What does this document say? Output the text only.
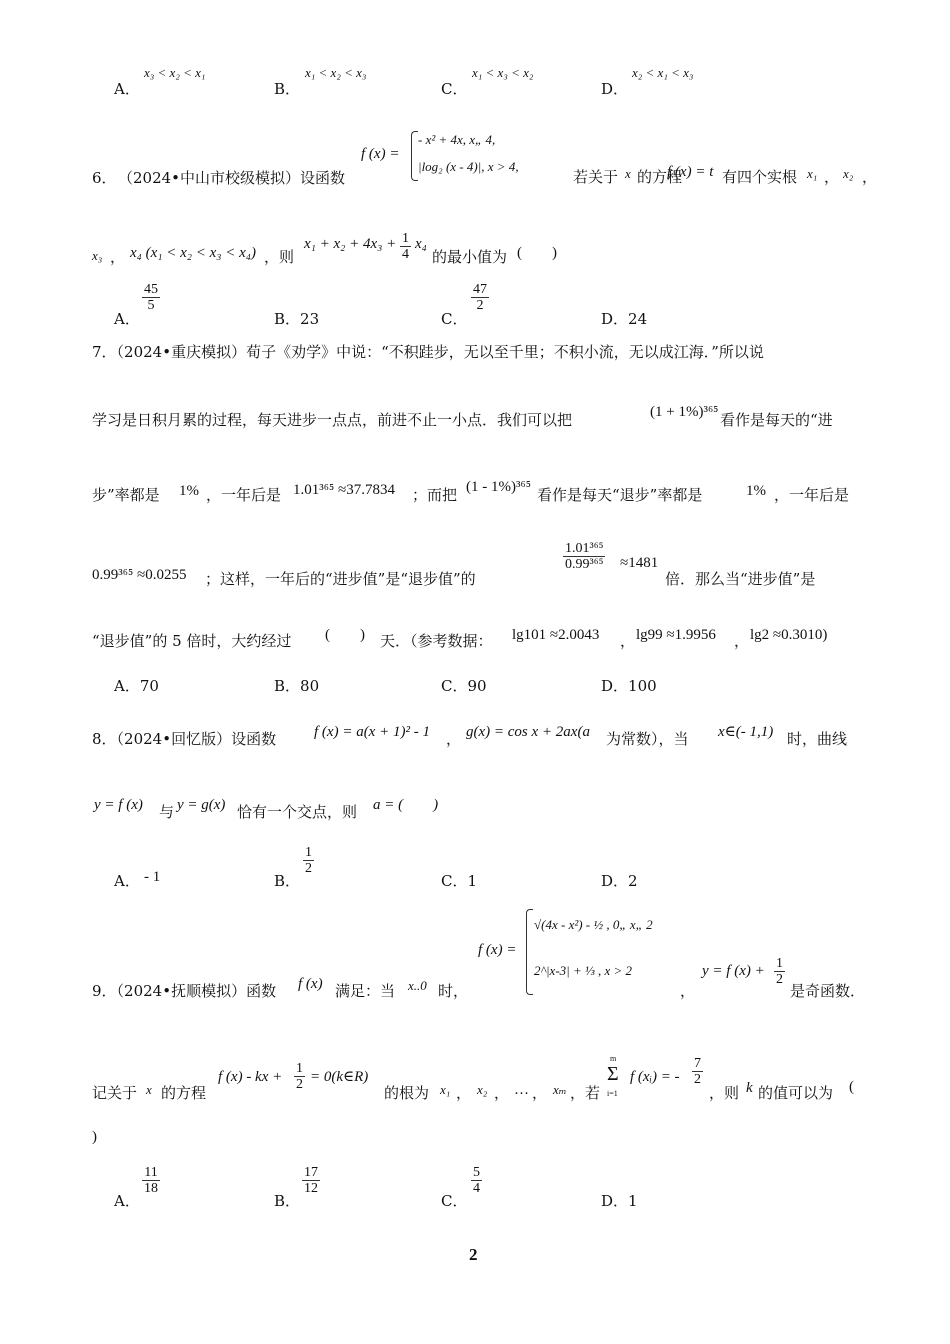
A．
x₃ < x₂ < x₁
B．
x₁ < x₂ < x₃
C．
x₁ < x₃ < x₂
D．
x₂ < x₁ < x₃
6． （2024•中山市校级模拟）设函数
f (x) =
- x² + 4x, x„ 4,
|log₂ (x - 4)|, x > 4,
若关于 x 的方程
f (x) = t 有四个实根 x₁ ， x₂ ，
x₃ ， x₄ (x₁ < x₂ < x₃ < x₄) ，则
$x_1 + x_2 + 4x_3 + \frac{1}{4} x_4$
的最小值为 (　　)
A．
$\frac{45}{5}$
B．23	C．
$\frac{47}{2}$
D．24
7．（2024•重庆模拟）荀子《劝学》中说：“不积跬步，无以至千里；不积小流，无以成江海．”所以说
学习是日积月累的过程，每天进步一点点，前进不止一小点．我们可以把	(1 + 1%)³⁶⁵ 看作是每天的“进
步”率都是 1% ，一年后是 1.01³⁶⁵ ≈37.7834 ；而把 (1 - 1%)³⁶⁵ 看作是每天“退步”率都是	1% ，一年后是
0.99³⁶⁵ ≈0.0255 ；这样，一年后的“进步值”是“退步值”的
$\frac{\text{1.01³⁶⁵}}{\text{0.99³⁶⁵}} \approx 1481$
倍．那么当“进步值”是
“退步值”的 5 倍时，大约经过 (　　) 天．（参考数据： lg101 ≈2.0043 ， lg99 ≈1.9956 ， lg2 ≈0.3010)
A．70	B．80	C．90	D．100
8．（2024•回忆版）设函数	f (x) = a(x + 1)² - 1 ， g(x) = cos x + 2ax(a 为常数），当 x∈(- 1,1) 时，曲线
y = f (x) 与 y = g(x) 恰有一个交点，则 a = (　　)
A． - 1	B．
$\frac{1}{2}$
C．1	D．2
f (x) =
√(4x - x²) - ½ , 0„ x„ 2
2^|x-3| + ⅓ , x > 2
9．（2024•抚顺模拟）函数 f (x) 满足：当 x..0 时，	，
y = f $(x) + \frac{1}{2}$
是奇函数．
记关于 x 的方程
f (x) - kx + $\frac{1}{2}$ = 0(k∈R)
的根为 x₁ ， x₂ ， … ， xₘ ，若
m
Σ
i=1
f (xᵢ) = - $\frac{7}{2}$
，则 k 的值可以为 (
)
A．
$\frac{11}{18}$
B．
$\frac{17}{12}$
C．
$\frac{5}{4}$
D．1
2
